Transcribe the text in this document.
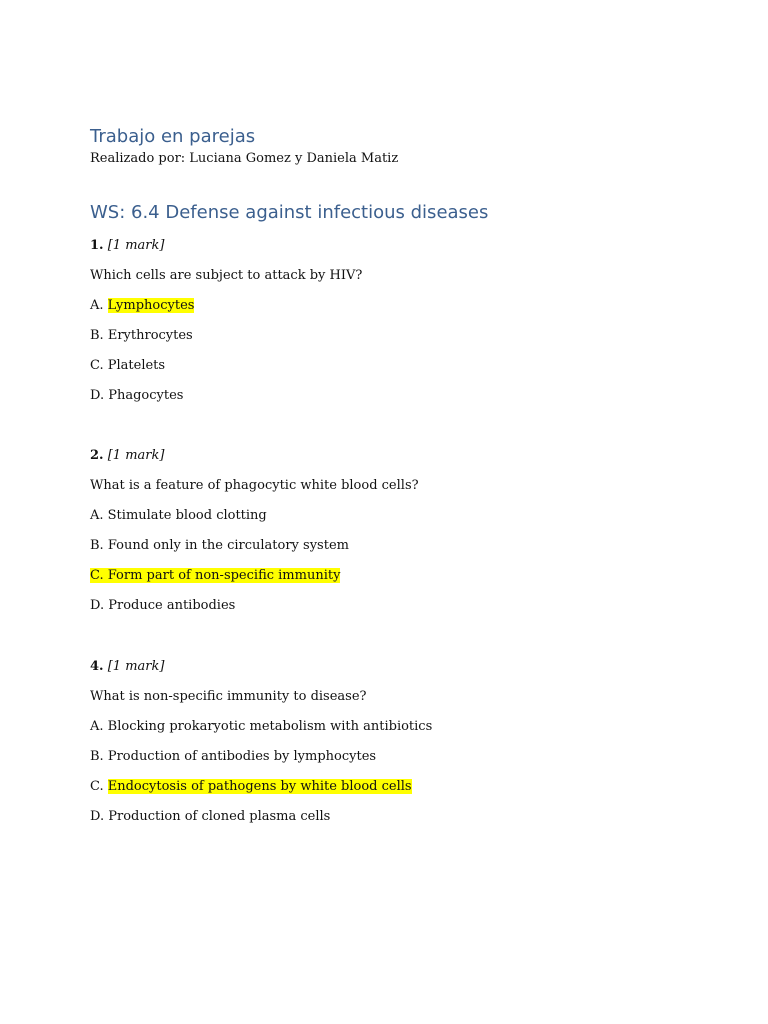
Trabajo en parejas
Realizado por: Luciana Gomez y Daniela Matiz
WS: 6.4 Defense against infectious diseases
1. [1 mark]
Which cells are subject to attack by HIV?
A. Lymphocytes
B. Erythrocytes
C. Platelets
D. Phagocytes
2. [1 mark]
What is a feature of phagocytic white blood cells?
A. Stimulate blood clotting
B. Found only in the circulatory system
C. Form part of non-specific immunity
D. Produce antibodies
4. [1 mark]
What is non-specific immunity to disease?
A. Blocking prokaryotic metabolism with antibiotics
B. Production of antibodies by lymphocytes
C. Endocytosis of pathogens by white blood cells
D. Production of cloned plasma cells
